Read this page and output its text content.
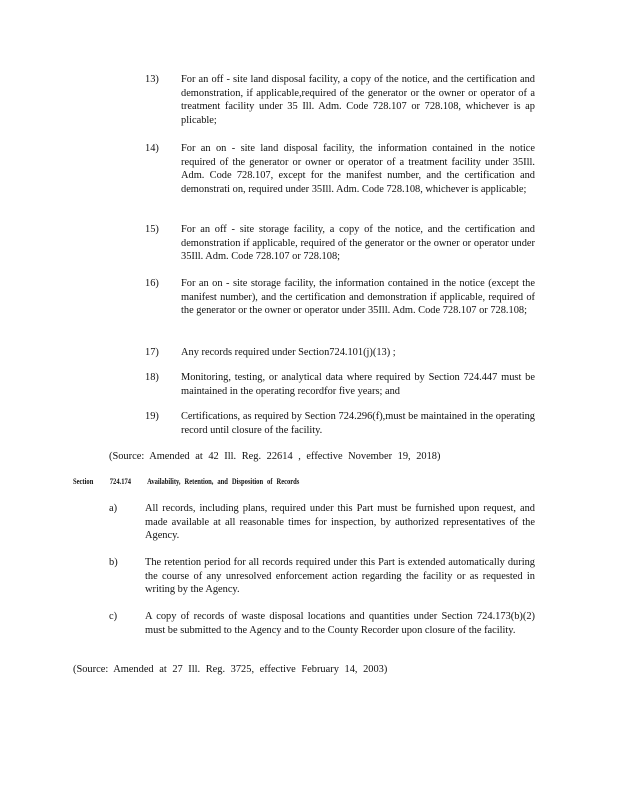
13)	For an off - site land disposal facility, a copy of the notice, and the certification and demonstration, if applicable,required of the generator or the owner or operator of a treatment facility under 35 Ill. Adm. Code 728.107 or 728.108, whichever is ap plicable;
14)	For an on - site land disposal facility, the information contained in the notice required of the generator or owner or operator of a treatment facility under 35Ill. Adm. Code 728.107, except for the manifest number, and the certification and demonstrati on, required under 35Ill. Adm. Code 728.108, whichever is applicable;
15)	For an off - site storage facility, a copy of the notice, and the certification and demonstration if applicable, required of the generator or the owner or operator under 35Ill. Adm. Code 728.107 or 728.108;
16)	For an on - site storage facility, the information contained in the notice (except the manifest number), and the certification and demonstration if applicable, required of the generator or the owner or operator under 35Ill. Adm. Code 728.107 or 728.108;
17)	Any records required under Section724.101(j)(13) ;
18)	Monitoring, testing, or analytical data where required by Section 724.447 must be maintained in the operating recordfor five years; and
19)	Certifications, as required by Section 724.296(f),must be maintained in the operating record until closure of the facility.
(Source: Amended at 42 Ill. Reg. 22614 , effective November 19, 2018)
Section 724.174 Availability, Retention, and Disposition of Records
a)	All records, including plans, required under this Part must be furnished upon request, and made available at all reasonable times for inspection, by authorized representatives of the Agency.
b)	The retention period for all records required under this Part is extended automatically during the course of any unresolved enforcement action regarding the facility or as requested in writing by the Agency.
c)	A copy of records of waste disposal locations and quantities under Section 724.173(b)(2) must be submitted to the Agency and to the County Recorder upon closure of the facility.
(Source: Amended at 27 Ill. Reg. 3725, effective February 14, 2003)
